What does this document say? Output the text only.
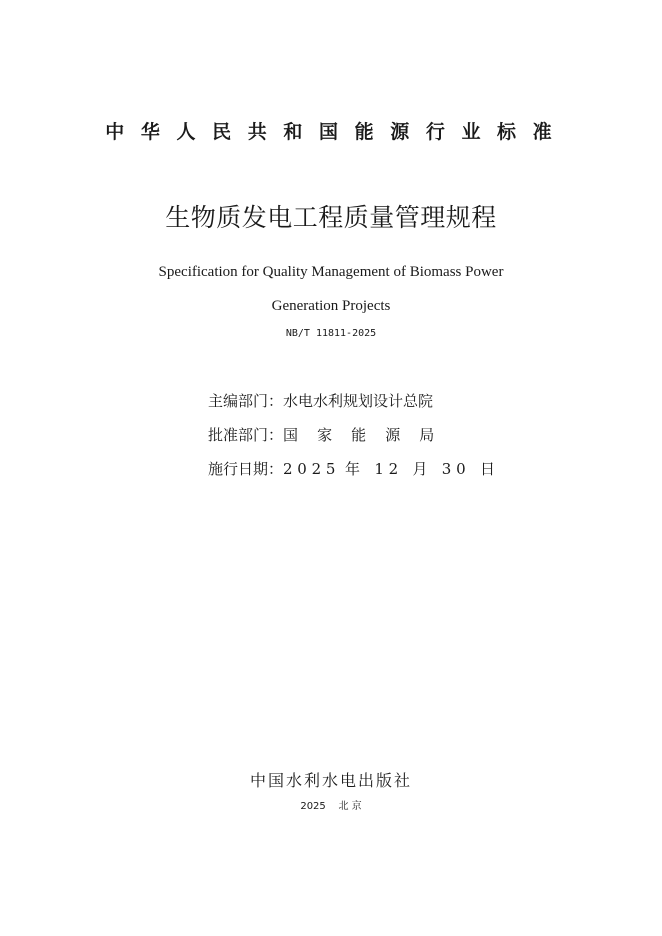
中 华 人 民 共 和 国 能 源 行 业 标 准
生物质发电工程质量管理规程
Specification for Quality Management of Biomass Power
Generation Projects
NB/T 11811-2025
主编部门：水电水利规划设计总院
批准部门：国    家    能    源    局
施行日期：2 0 2 5  年   1 2   月   3 0   日
中国水利水电出版社
2025    北 京
